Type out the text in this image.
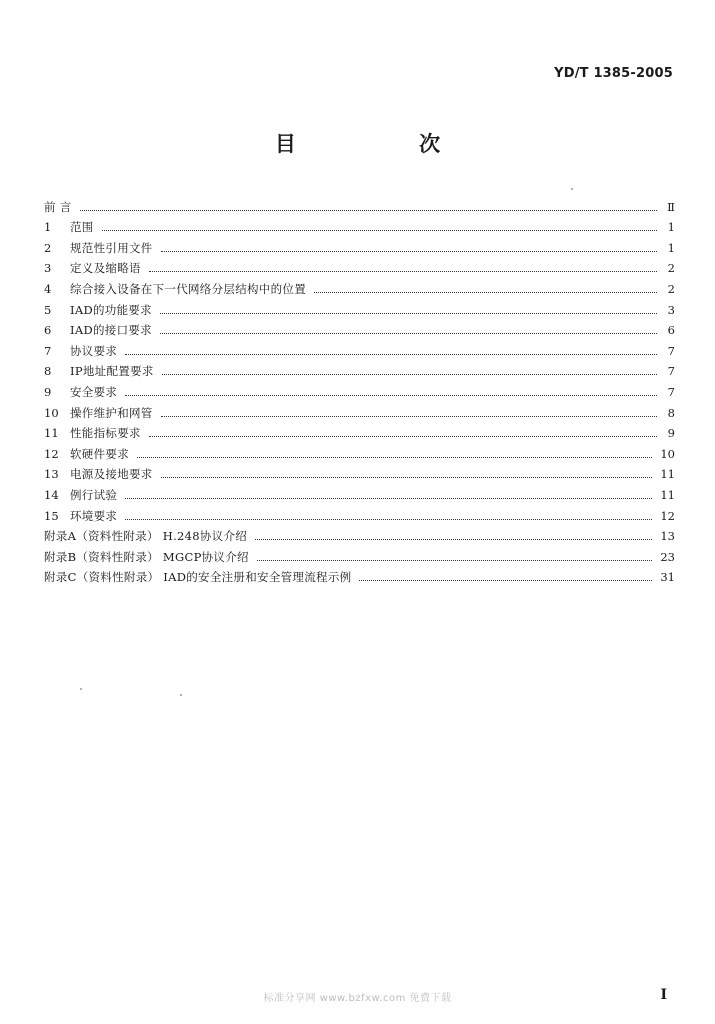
YD/T 1385-2005
目 次
前 言	Ⅱ
1	范围	1
2	规范性引用文件	1
3	定义及缩略语	2
4	综合接入设备在下一代网络分层结构中的位置	2
5	IAD的功能要求	3
6	IAD的接口要求	6
7	协议要求	7
8	IP地址配置要求	7
9	安全要求	7
10 操作维护和网管	8
11 性能指标要求	9
12 软硬件要求	10
13 电源及接地要求	11
14 例行试验	11
15 环境要求	12
附录A（资料性附录） H.248协议介绍	13
附录B（资料性附录） MGCP协议介绍	23
附录C（资料性附录） IAD的安全注册和安全管理流程示例	31
I
标准分享网 www.bzfxw.com 免费下载
